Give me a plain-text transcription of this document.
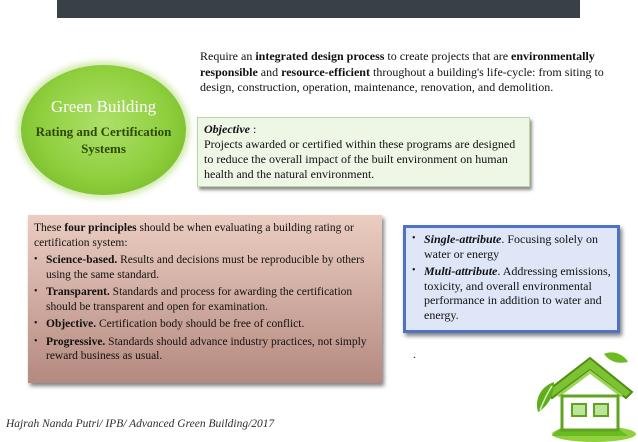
Green Building
Rating and Certification Systems
Require an integrated design process to create projects that are environmentally responsible and resource-efficient throughout a building's life-cycle: from siting to design, construction, operation, maintenance, renovation, and demolition.
Objective :
Projects awarded or certified within these programs are designed to reduce the overall impact of the built environment on human health and the natural environment.
These four principles should be when evaluating a building rating or certification system:
• Science-based. Results and decisions must be reproducible by others using the same standard.
• Transparent. Standards and process for awarding the certification should be transparent and open for examination.
• Objective. Certification body should be free of conflict.
• Progressive. Standards should advance industry practices, not simply reward business as usual.
• Single-attribute. Focusing solely on water or energy
• Multi-attribute. Addressing emissions, toxicity, and overall environmental performance in addition to water and energy.
.
Hajrah Nanda Putri/ IPB/ Advanced Green Building/2017
